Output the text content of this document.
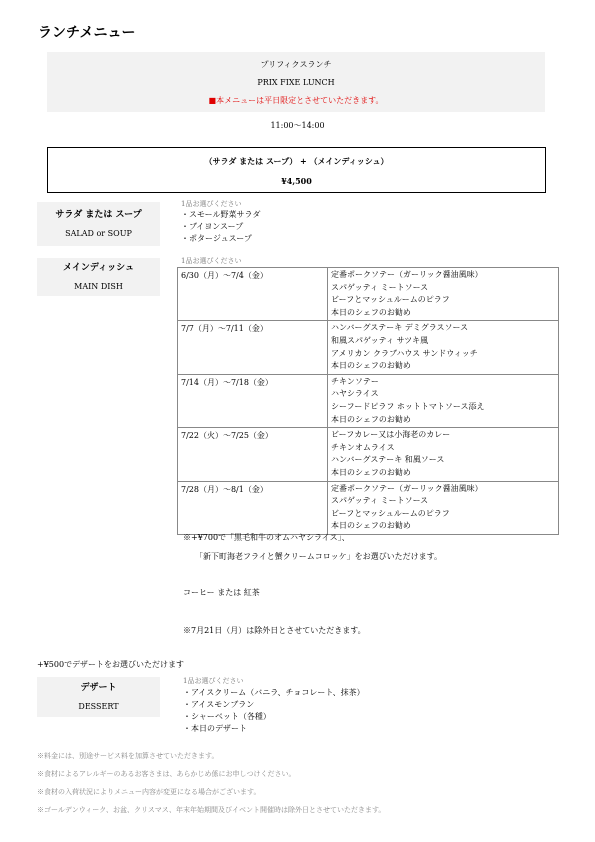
ランチメニュー
プリフィクスランチ
PRIX FIXE LUNCH
■本メニューは平日限定とさせていただきます。
11:00〜14:00
（サラダ または スープ） + （メインディッシュ）
¥4,500
サラダ または スープ
SALAD or SOUP
1品お選びください
・スモール野菜サラダ
・ブイヨンスープ
・ポタージュスープ
メインディッシュ
MAIN DISH
1品お選びください
6/30（月）〜7/4（金）	定番ポークソテー（ガーリック醤油風味）
スパゲッティ ミートソース
ビーフとマッシュルームのピラフ
本日のシェフのお勧め

7/7（月）〜7/11（金）	ハンバーグステーキ デミグラスソース
和風スパゲッティ サツキ風
アメリカン クラブハウス サンドウィッチ
本日のシェフのお勧め

7/14（月）〜7/18（金）	チキンソテー
ハヤシライス
シーフードピラフ ホットトマトソース添え
本日のシェフのお勧め

7/22（火）〜7/25（金）	ビーフカレー又は小海老のカレー
チキンオムライス
ハンバーグステーキ 和風ソース
本日のシェフのお勧め

7/28（月）〜8/1（金）	定番ポークソテー（ガーリック醤油風味）
スパゲッティ ミートソース
ビーフとマッシュルームのピラフ
本日のシェフのお勧め
※+¥700で「黒毛和牛のオムハヤシライス」、
「新下町海老フライと蟹クリームコロッケ」をお選びいただけます。
コーヒー または 紅茶
※7月21日（月）は除外日とさせていただきます。
+¥500でデザートをお選びいただけます
デザート
DESSERT
1品お選びください
・アイスクリーム（バニラ、チョコレート、抹茶）
・アイスモンブラン
・シャーベット（各種）
・本日のデザート
※料金には、別途サービス料を加算させていただきます。
※食材によるアレルギーのあるお客さまは、あらかじめ係にお申しつけください。
※食材の入荷状況によりメニュー内容が変更になる場合がございます。
※ゴールデンウィーク、お盆、クリスマス、年末年始期間及びイベント開催時は除外日とさせていただきます。
